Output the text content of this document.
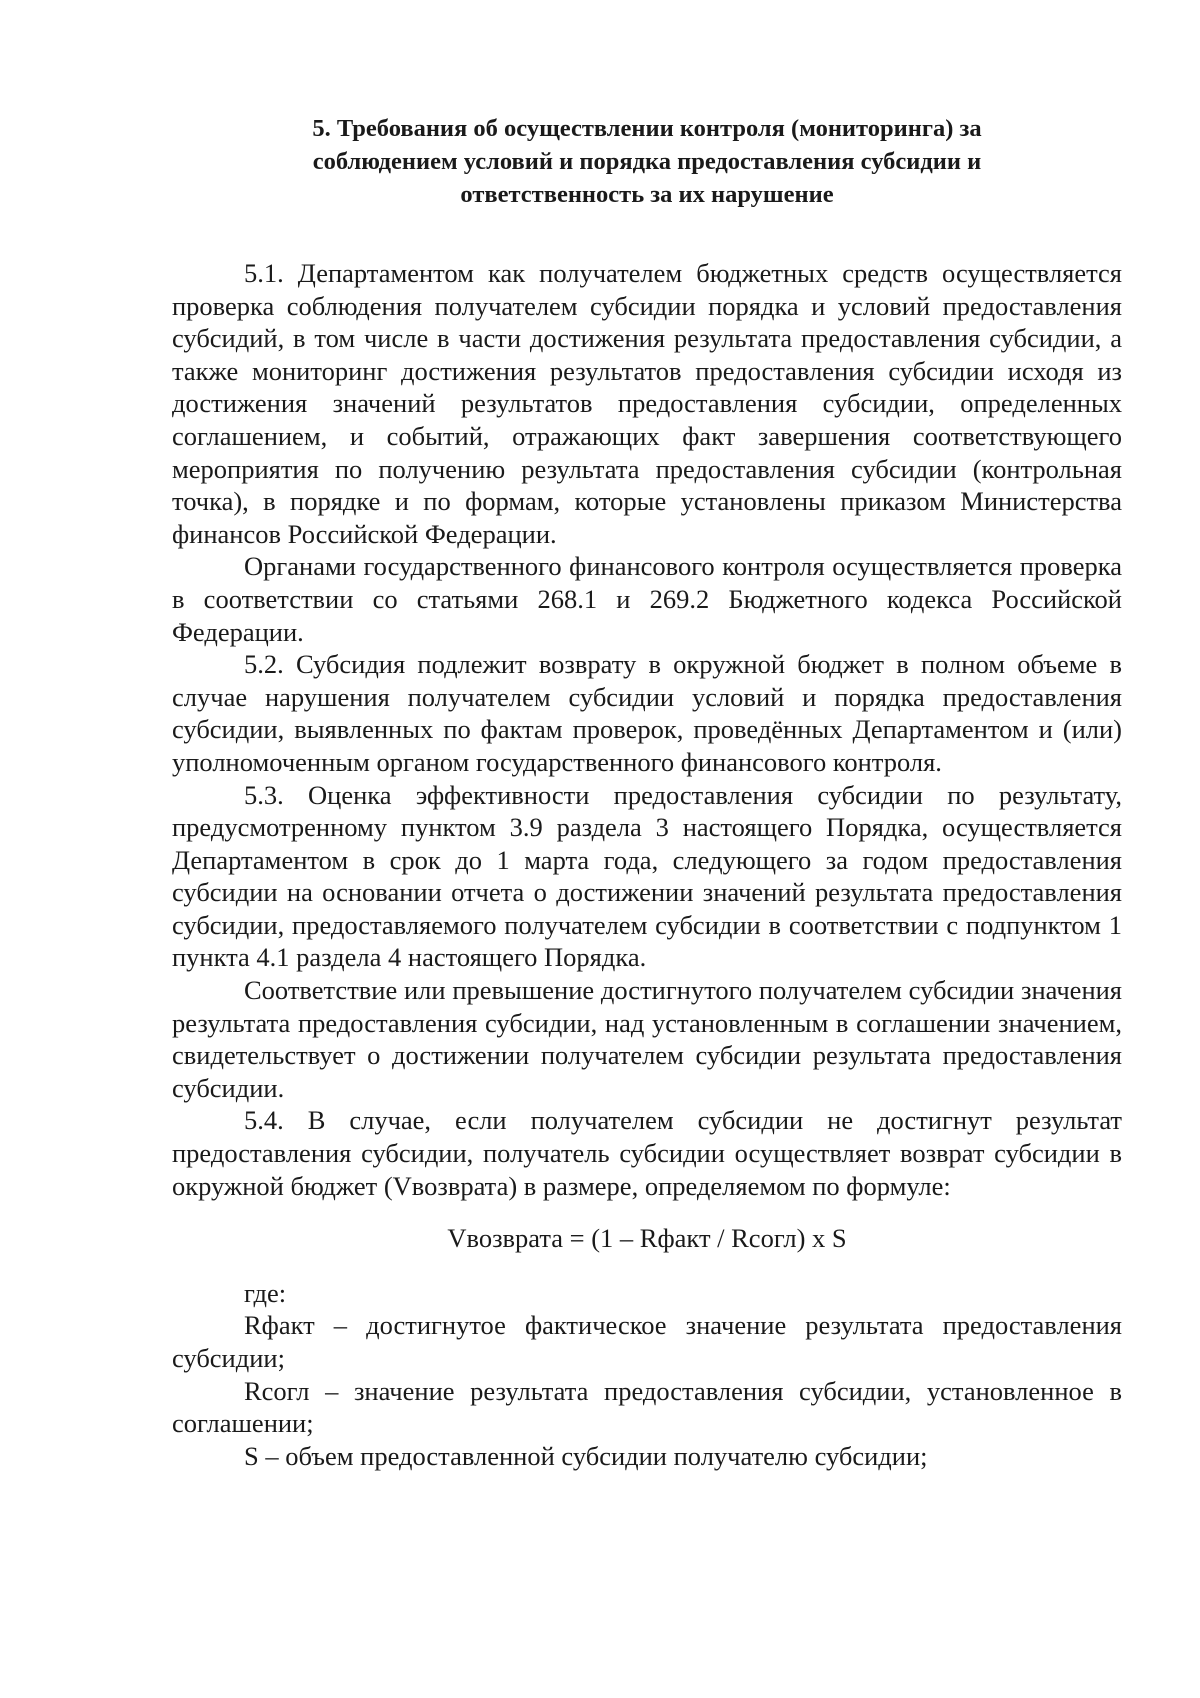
5. Требования об осуществлении контроля (мониторинга) за
соблюдением условий и порядка предоставления субсидии и
ответственность за их нарушение

5.1. Департаментом как получателем бюджетных средств осуществляется проверка соблюдения получателем субсидии порядка и условий предоставления субсидий, в том числе в части достижения результата предоставления субсидии, а также мониторинг достижения результатов предоставления субсидии исходя из достижения значений результатов предоставления субсидии, определенных соглашением, и событий, отражающих факт завершения соответствующего мероприятия по получению результата предоставления субсидии (контрольная точка), в порядке и по формам, которые установлены приказом Министерства финансов Российской Федерации.

Органами государственного финансового контроля осуществляется проверка в соответствии со статьями 268.1 и 269.2 Бюджетного кодекса Российской Федерации.

5.2. Субсидия подлежит возврату в окружной бюджет в полном объеме в случае нарушения получателем субсидии условий и порядка предоставления субсидии, выявленных по фактам проверок, проведённых Департаментом и (или) уполномоченным органом государственного финансового контроля.

5.3. Оценка эффективности предоставления субсидии по результату, предусмотренному пунктом 3.9 раздела 3 настоящего Порядка, осуществляется Департаментом в срок до 1 марта года, следующего за годом предоставления субсидии на основании отчета о достижении значений результата предоставления субсидии, предоставляемого получателем субсидии в соответствии с подпунктом 1 пункта 4.1 раздела 4 настоящего Порядка.

Соответствие или превышение достигнутого получателем субсидии значения результата предоставления субсидии, над установленным в соглашении значением, свидетельствует о достижении получателем субсидии результата предоставления субсидии.

5.4. В случае, если получателем субсидии не достигнут результат предоставления субсидии, получатель субсидии осуществляет возврат субсидии в окружной бюджет (Vвозврата) в размере, определяемом по формуле:

Vвозврата = (1 – Rфакт / Rсогл) x S

где:

Rфакт – достигнутое фактическое значение результата предоставления субсидии;

Rсогл – значение результата предоставления субсидии, установленное в соглашении;

S – объем предоставленной субсидии получателю субсидии;
